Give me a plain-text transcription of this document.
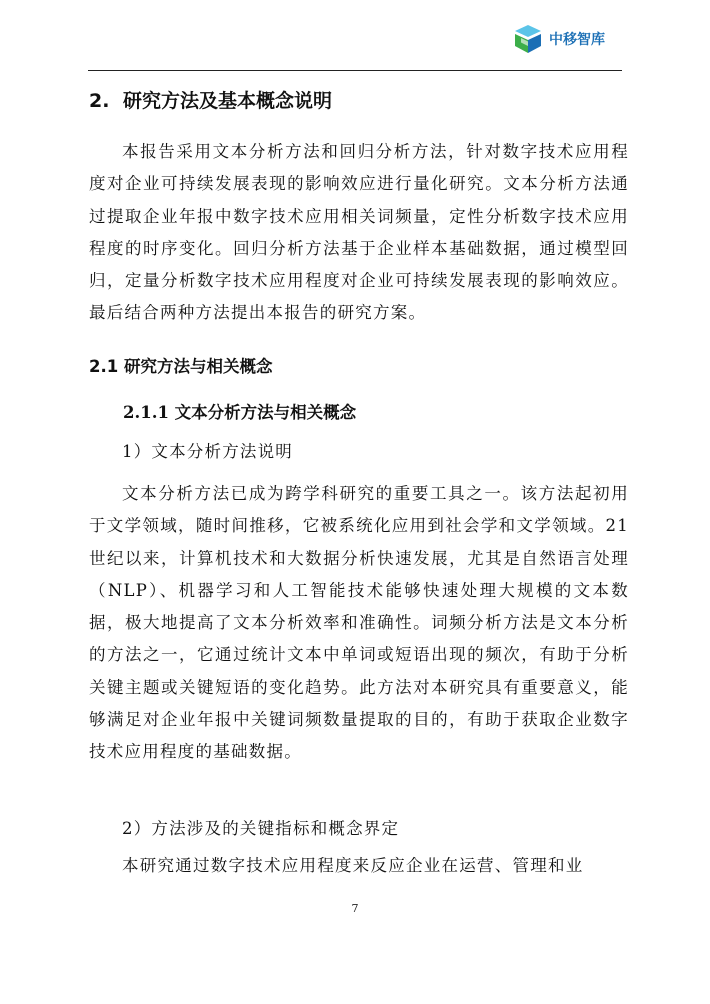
中移智库
2. 研究方法及基本概念说明

本报告采用文本分析方法和回归分析方法，针对数字技术应用程度对企业可持续发展表现的影响效应进行量化研究。文本分析方法通过提取企业年报中数字技术应用相关词频量，定性分析数字技术应用程度的时序变化。回归分析方法基于企业样本基础数据，通过模型回归，定量分析数字技术应用程度对企业可持续发展表现的影响效应。最后结合两种方法提出本报告的研究方案。

2.1 研究方法与相关概念
2.1.1 文本分析方法与相关概念
1）文本分析方法说明

文本分析方法已成为跨学科研究的重要工具之一。该方法起初用于文学领域，随时间推移，它被系统化应用到社会学和文学领域。21 世纪以来，计算机技术和大数据分析快速发展，尤其是自然语言处理（NLP）、机器学习和人工智能技术能够快速处理大规模的文本数据，极大地提高了文本分析效率和准确性。词频分析方法是文本分析的方法之一，它通过统计文本中单词或短语出现的频次，有助于分析关键主题或关键短语的变化趋势。此方法对本研究具有重要意义，能够满足对企业年报中关键词频数量提取的目的，有助于获取企业数字技术应用程度的基础数据。

2）方法涉及的关键指标和概念界定

本研究通过数字技术应用程度来反应企业在运营、管理和业

7
